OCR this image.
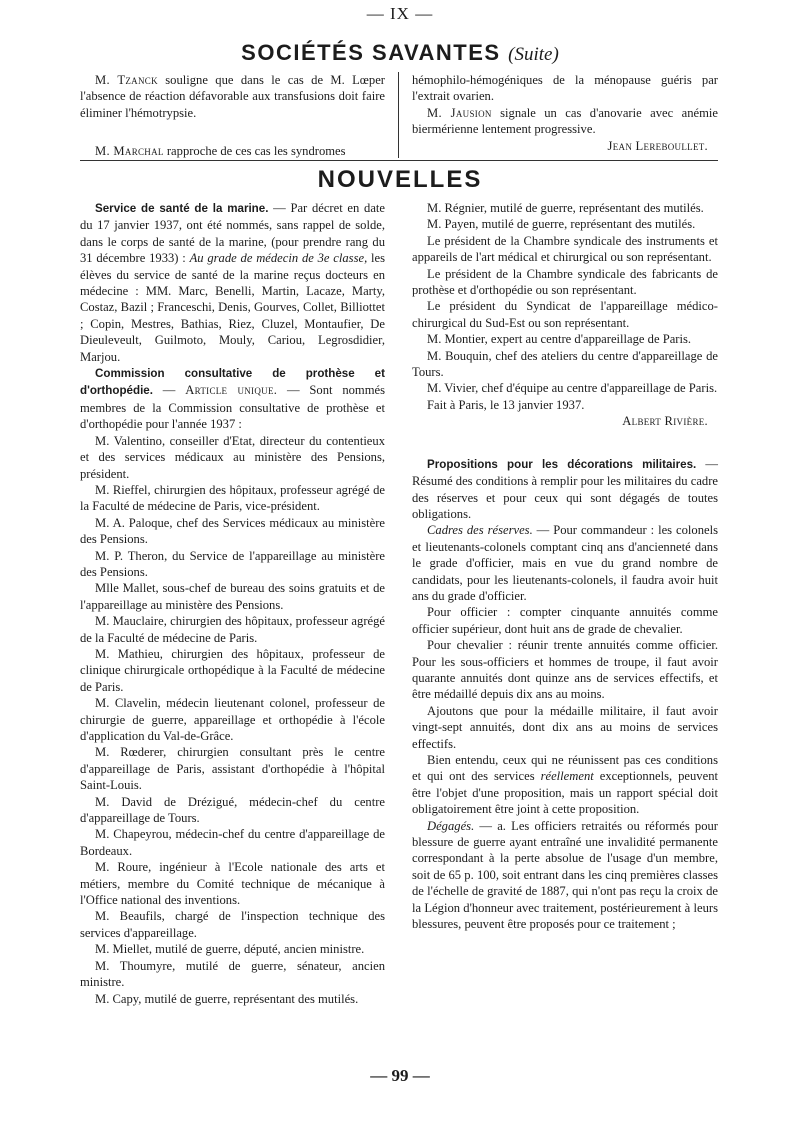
— IX —
SOCIÉTÉS SAVANTES (Suite)

M. Tzanck souligne que dans le cas de M. Lœper l'absence de réaction défavorable aux transfusions doit faire éliminer l'hémotrypsie.

M. Marchal rapproche de ces cas les syndromes

hémophilo-hémogéniques de la ménopause guéris par l'extrait ovarien.

M. Jausion signale un cas d'anovarie avec anémie biermérienne lentement progressive.

Jean Lereboullet.

NOUVELLES

Service de santé de la marine. — Par décret en date du 17 janvier 1937, ont été nommés, sans rappel de solde, dans le corps de santé de la marine, (pour prendre rang du 31 décembre 1933) : Au grade de médecin de 3e classe, les élèves du service de santé de la marine reçus docteurs en médecine : MM. Marc, Benelli, Martin, Lacaze, Marty, Costaz, Bazil ; Franceschi, Denis, Gourves, Collet, Billiottet ; Copin, Mestres, Bathias, Riez, Cluzel, Montaufier, De Dieuleveult, Guilmoto, Mouly, Cariou, Legrosdidier, Marjou.

Commission consultative de prothèse et d'orthopédie. — Article unique. — Sont nommés membres de la Commission consultative de prothèse et d'orthopédie pour l'année 1937 :

M. Valentino, conseiller d'Etat, directeur du contentieux et des services médicaux au ministère des Pensions, président.

M. Rieffel, chirurgien des hôpitaux, professeur agrégé de la Faculté de médecine de Paris, vice-président.

M. A. Paloque, chef des Services médicaux au ministère des Pensions.

M. P. Theron, du Service de l'appareillage au ministère des Pensions.

Mlle Mallet, sous-chef de bureau des soins gratuits et de l'appareillage au ministère des Pensions.

M. Mauclaire, chirurgien des hôpitaux, professeur agrégé de la Faculté de médecine de Paris.

M. Mathieu, chirurgien des hôpitaux, professeur de clinique chirurgicale orthopédique à la Faculté de médecine de Paris.

M. Clavelin, médecin lieutenant colonel, professeur de chirurgie de guerre, appareillage et orthopédie à l'école d'application du Val-de-Grâce.

M. Rœderer, chirurgien consultant près le centre d'appareillage de Paris, assistant d'orthopédie à l'hôpital Saint-Louis.

M. David de Drézigué, médecin-chef du centre d'appareillage de Tours.

M. Chapeyrou, médecin-chef du centre d'appareillage de Bordeaux.

M. Roure, ingénieur à l'Ecole nationale des arts et métiers, membre du Comité technique de mécanique à l'Office national des inventions.

M. Beaufils, chargé de l'inspection technique des services d'appareillage.

M. Miellet, mutilé de guerre, député, ancien ministre.

M. Thoumyre, mutilé de guerre, sénateur, ancien ministre.

M. Capy, mutilé de guerre, représentant des mutilés.

M. Régnier, mutilé de guerre, représentant des mutilés.

M. Payen, mutilé de guerre, représentant des mutilés.

Le président de la Chambre syndicale des instruments et appareils de l'art médical et chirurgical ou son représentant.

Le président de la Chambre syndicale des fabricants de prothèse et d'orthopédie ou son représentant.

Le président du Syndicat de l'appareillage médico-chirurgical du Sud-Est ou son représentant.

M. Montier, expert au centre d'appareillage de Paris.

M. Bouquin, chef des ateliers du centre d'appareillage de Tours.

M. Vivier, chef d'équipe au centre d'appareillage de Paris.

Fait à Paris, le 13 janvier 1937.

Albert Rivière.

Propositions pour les décorations militaires. — Résumé des conditions à remplir pour les militaires du cadre des réserves et pour ceux qui sont dégagés de toutes obligations.

Cadres des réserves. — Pour commandeur : les colonels et lieutenants-colonels comptant cinq ans d'ancienneté dans le grade d'officier, mais en vue du grand nombre de candidats, pour les lieutenants-colonels, il faudra avoir huit ans du grade d'officier.

Pour officier : compter cinquante annuités comme officier supérieur, dont huit ans de grade de chevalier.

Pour chevalier : réunir trente annuités comme officier. Pour les sous-officiers et hommes de troupe, il faut avoir quarante annuités dont quinze ans de services effectifs, et être médaillé depuis dix ans au moins.

Ajoutons que pour la médaille militaire, il faut avoir vingt-sept annuités, dont dix ans au moins de services effectifs.

Bien entendu, ceux qui ne réunissent pas ces conditions et qui ont des services réellement exceptionnels, peuvent être l'objet d'une proposition, mais un rapport spécial doit obligatoirement être joint à cette proposition.

Dégagés. — a. Les officiers retraités ou réformés pour blessure de guerre ayant entraîné une invalidité permanente correspondant à la perte absolue de l'usage d'un membre, soit de 65 p. 100, soit entrant dans les cinq premières classes de l'échelle de gravité de 1887, qui n'ont pas reçu la croix de la Légion d'honneur avec traitement, postérieurement à leurs blessures, peuvent être proposés pour ce traitement ;

— 99 —
